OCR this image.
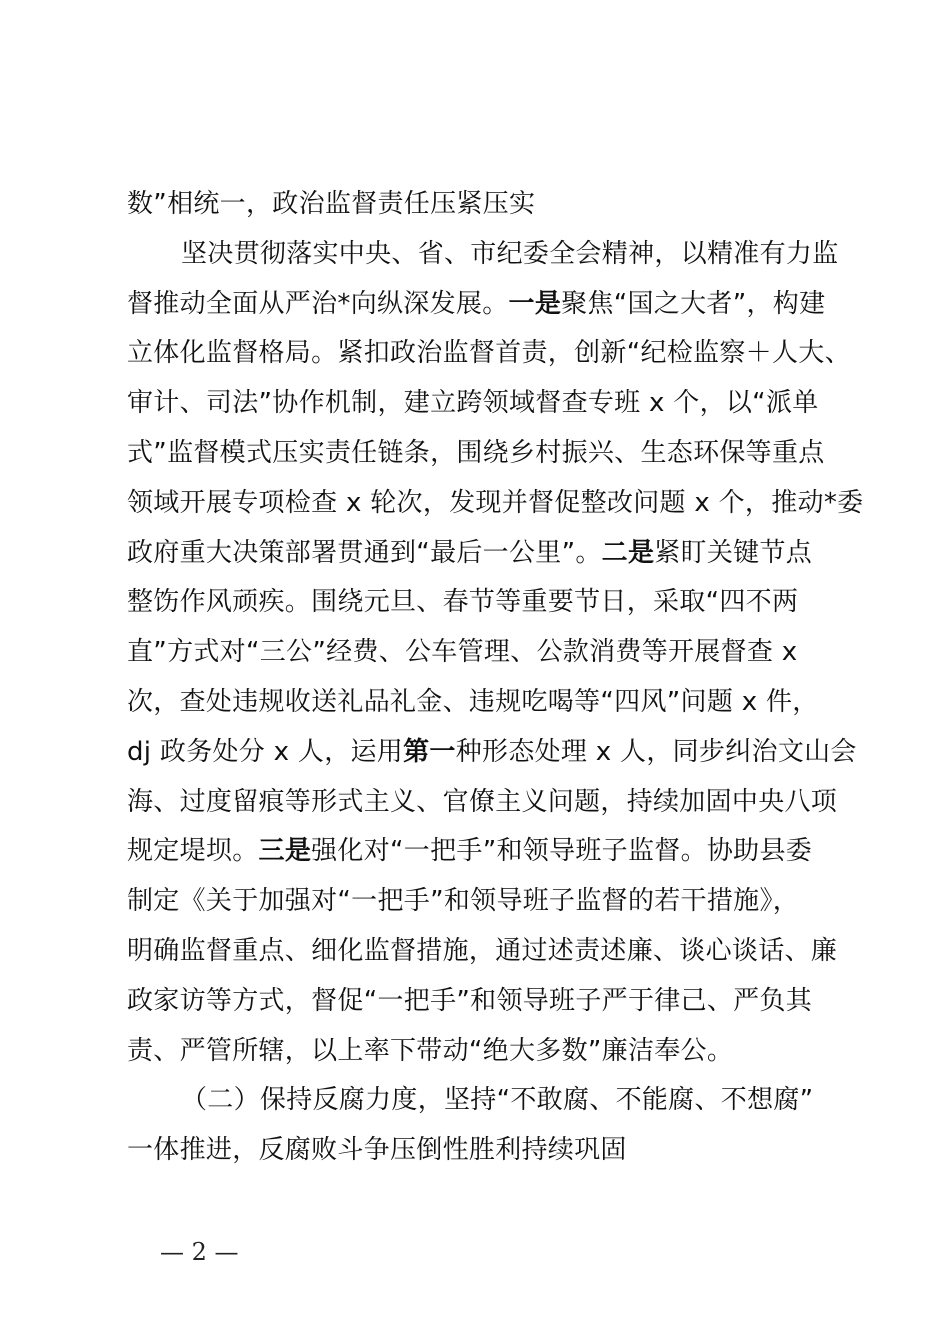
数”相统一，政治监督责任压紧压实
坚决贯彻落实中央、省、市纪委全会精神，以精准有力监
督推动全面从严治*向纵深发展。一是聚焦“国之大者”，构建
立体化监督格局。紧扣政治监督首责，创新“纪检监察＋人大、
审计、司法”协作机制，建立跨领域督查专班 x 个，以“派单
式”监督模式压实责任链条，围绕乡村振兴、生态环保等重点
领域开展专项检查 x 轮次，发现并督促整改问题 x 个，推动*委
政府重大决策部署贯通到“最后一公里”。二是紧盯关键节点
整饬作风顽疾。围绕元旦、春节等重要节日，采取“四不两
直”方式对“三公”经费、公车管理、公款消费等开展督查 x
次，查处违规收送礼品礼金、违规吃喝等“四风”问题 x 件，
dj 政务处分 x 人，运用第一种形态处理 x 人，同步纠治文山会
海、过度留痕等形式主义、官僚主义问题，持续加固中央八项
规定堤坝。三是强化对“一把手”和领导班子监督。协助县委
制定《关于加强对“一把手”和领导班子监督的若干措施》，
明确监督重点、细化监督措施，通过述责述廉、谈心谈话、廉
政家访等方式，督促“一把手”和领导班子严于律己、严负其
责、严管所辖，以上率下带动“绝大多数”廉洁奉公。
（二）保持反腐力度，坚持“不敢腐、不能腐、不想腐”
一体推进，反腐败斗争压倒性胜利持续巩固
— 2 —
